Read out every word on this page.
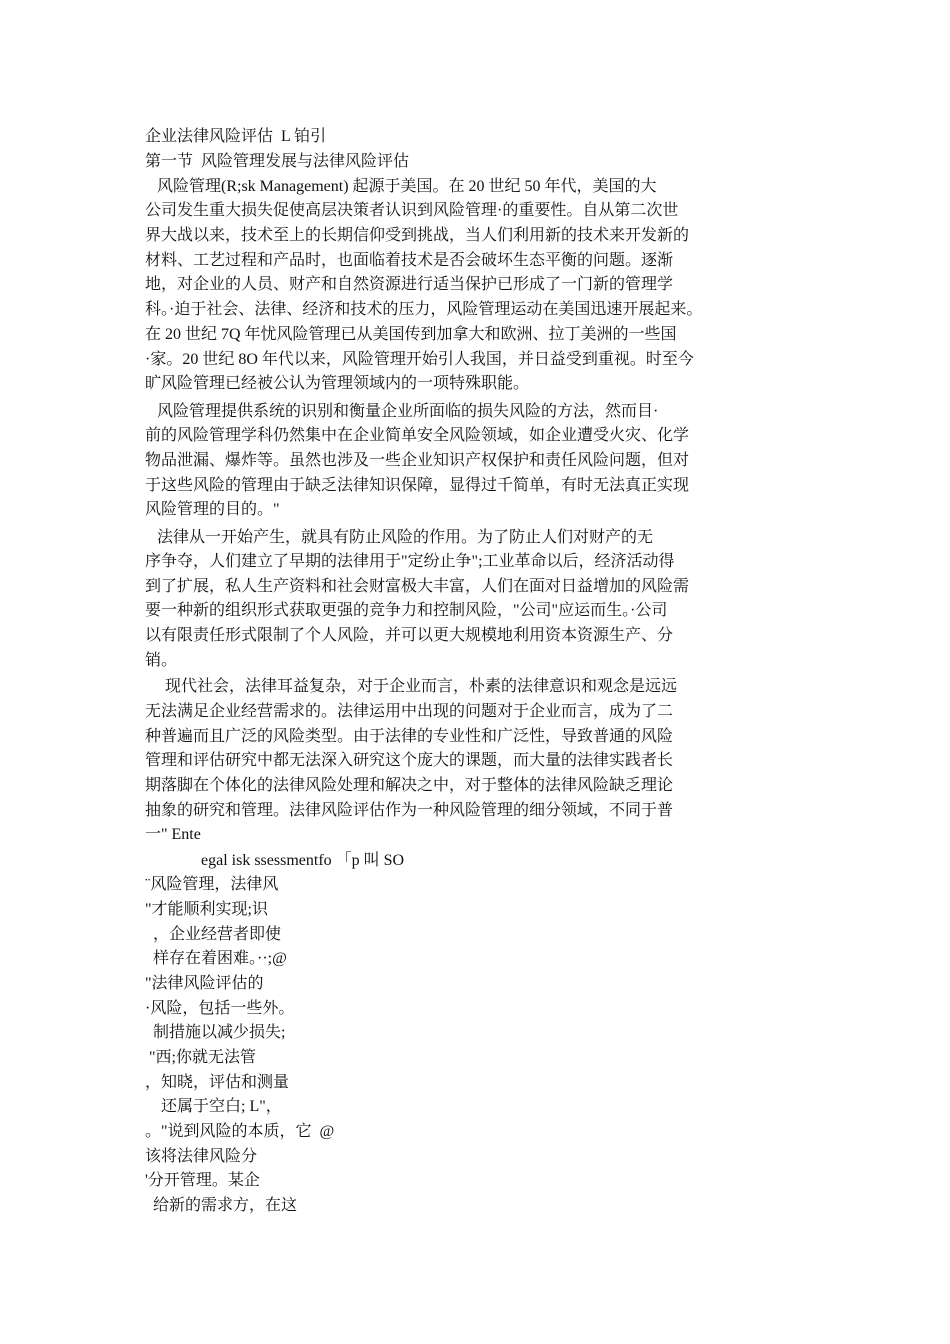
企业法律风险评估  L 铂引
第一节  风险管理发展与法律风险评估
风险管理(R;sk Management) 起源于美国。在 20 世纪 50 年代，美国的大
公司发生重大损失促使高层决策者认识到风险管理·的重要性。自从第二次世
界大战以来，技术至上的长期信仰受到挑战，当人们利用新的技术来开发新的
材料、工艺过程和产品时，也面临着技术是否会破坏生态平衡的问题。逐渐
地，对企业的人员、财产和自然资源进行适当保护已形成了一门新的管理学
科。·迫于社会、法律、经济和技术的压力，风险管理运动在美国迅速开展起来。
在 20 世纪 7Q 年忧风险管理已从美国传到加拿大和欧洲、拉丁美洲的一些国
·家。20 世纪 8O 年代以来，风险管理开始引人我国，并日益受到重视。时至今
旷风险管理已经被公认为管理领域内的一项特殊职能。
风险管理提供系统的识别和衡量企业所面临的损失风险的方法，然而目·
前的风险管理学科仍然集中在企业简单安全风险领域，如企业遭受火灾、化学
物品泄漏、爆炸等。虽然也涉及一些企业知识产权保护和责任风险问题，但对
于这些风险的管理由于缺乏法律知识保障，显得过千简单，有时无法真正实现
风险管理的目的。"
法律从一开始产生，就具有防止风险的作用。为了防止人们对财产的无
序争夺，人们建立了早期的法律用于"定纷止争";工业革命以后，经济活动得
到了扩展，私人生产资料和社会财富极大丰富，人们在面对日益增加的风险需
要一种新的组织形式获取更强的竞争力和控制风险，"公司"应运而生。·公司
以有限责任形式限制了个人风险，并可以更大规模地利用资本资源生产、分
销。
现代社会，法律耳益复杂，对于企业而言，朴素的法律意识和观念是远远
无法满足企业经营需求的。法律运用中出现的问题对于企业而言，成为了二
种普遍而且广泛的风险类型。由于法律的专业性和广泛性，导致普通的风险
管理和评估研究中都无法深入研究这个庞大的课题，而大量的法律实践者长
期落脚在个体化的法律风险处理和解决之中，对于整体的法律风险缺乏理论
抽象的研究和管理。法律风险评估作为一种风险管理的细分领域，不同于普
一" Ente
egal isk ssessmentfo 「p 叫 SO
¨风险管理，法律风
"才能顺利实现;识
，企业经营者即使
样存在着困难。··;@
"法律风险评估的
·风险，包括一些外。
制措施以减少损失;
"西;你就无法管
，知晓，评估和测量
还属于空白; L"，
。"说到风险的本质，它  @
该将法律风险分
'分开管理。某企
给新的需求方，在这
